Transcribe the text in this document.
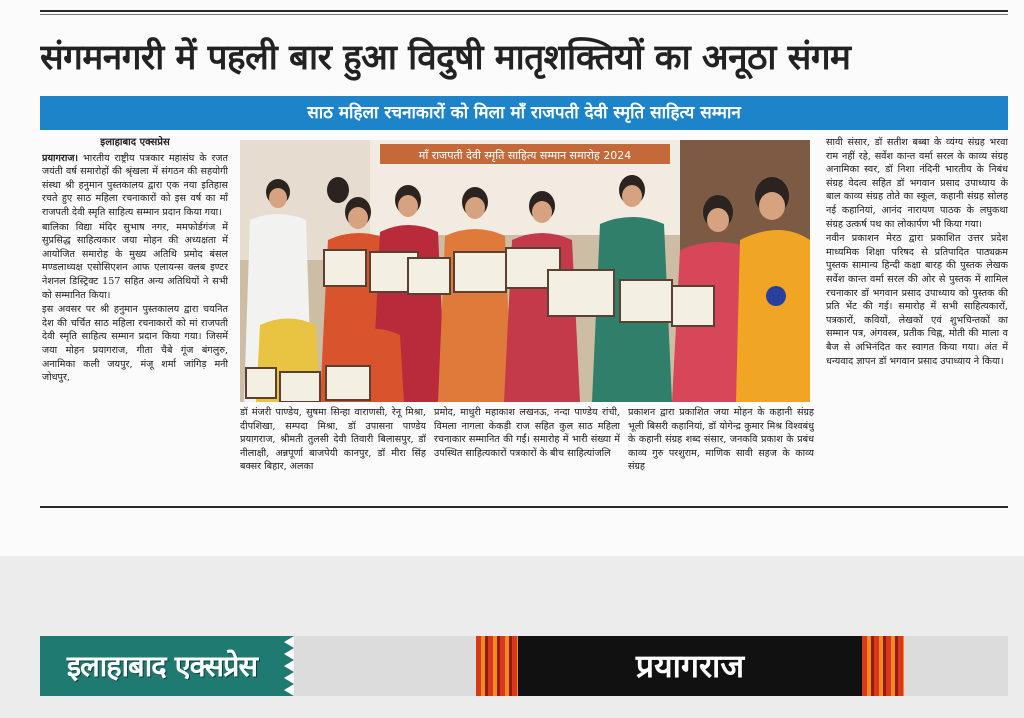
संगमनगरी में पहली बार हुआ विदुषी मातृशक्तियों का अनूठा संगम
साठ महिला रचनाकारों को मिला माँ राजपती देवी स्मृति साहित्य सम्मान
इलाहाबाद एक्सप्रेस

प्रयागराज। भारतीय राष्ट्रीय पत्रकार महासंघ के रजत जयंती वर्ष समारोहों की श्रृंखला में संगठन की सहयोगी संस्था श्री हनुमान पुस्तकालय द्वारा एक नया इतिहास रचते हुए साठ महिला रचनाकारों को इस वर्ष का माँ राजपती देवी स्मृति साहित्य सम्मान प्रदान किया गया।

बालिका विद्या मंदिर सुभाष नगर, ममफोर्डगंज में सुप्रसिद्ध साहित्यकार जया मोहन की अध्यक्षता में आयोजित समारोह के मुख्य अतिथि प्रमोद बंसल मण्डलाध्यक्ष एसोसिएशन आफ एलायन्स क्लब इण्टर नेशनल डिस्ट्रिक्ट 157 सहित अन्य अतिथियों ने सभी को सम्मानित किया।

इस अवसर पर श्री हनुमान पुस्तकालय द्वारा चयनित देश की चर्चित साठ महिला रचनाकारों को मां राजपती देवी स्मृति साहित्य सम्मान प्रदान किया गया। जिसमें जया मोहन प्रयागराज, गीता चैबे गूंज बंगलुरु, अनामिका कली जयपुर, मंजू शर्मा जांगिड़ मनी जोधपुर,

माँ राजपती देवी स्मृति साहित्य सम्मान समारोह 2024
डॉ मंजरी पाण्डेय, सुषमा सिन्हा वाराणसी, रेनू मिश्रा, दीपशिखा, सम्पदा मिश्रा, डॉ उपासना पाण्डेय प्रयागराज, श्रीमती तुलसी देवी तिवारी बिलासपुर, डॉ नीलाक्षी, अन्नपूर्णा बाजपेयी कानपुर, डॉ मीरा सिंह बक्सर बिहार, अलका
प्रमोद, माधुरी महाकाश लखनऊ, नन्दा पाण्डेय रांची, विमला नागला केकड़ी राज सहित कुल साठ महिला रचनाकार सम्मानित की गईं। समारोह में भारी संख्या में उपस्थित साहित्यकारों पत्रकारों के बीच साहित्यांजलि
प्रकाशन द्वारा प्रकाशित जया मोहन के कहानी संग्रह भूली बिसरी कहानियां, डॉ योगेन्द्र कुमार मिश्र विश्वबंधु के कहानी संग्रह शब्द संसार, जनकवि प्रकाश के प्रबंध काव्य गुरु परशुराम, माणिक सावी सहज के काव्य संग्रह

सावी संसार, डॉ सतीश बब्बा के व्यंग्य संग्रह भरवा राम नहीं रहे, सर्वेश कान्त वर्मा सरल के काव्य संग्रह अनामिका स्वर, डॉ निशा नंदिनी भारतीय के निबंध संग्रह वेदत्व सहित डॉ भगवान प्रसाद उपाध्याय के बाल काव्य संग्रह तोते का स्कूल, कहानी संग्रह सोलह नई कहानियां, आनंद नारायण पाठक के लघुकथा संग्रह उत्कर्ष पथ का लोकार्पण भी किया गया।

नवीन प्रकाशन मेरठ द्वारा प्रकाशित उत्तर प्रदेश माध्यमिक शिक्षा परिषद से प्रतिपादित पाठ्यक्रम पुस्तक सामान्य हिन्दी कक्षा बारह की पुस्तक लेखक सर्वेश कान्त वर्मा सरल की ओर से पुस्तक में शामिल रचनाकार डॉ भगवान प्रसाद उपाध्याय को पुस्तक की प्रति भेंट की गई। समारोह में सभी साहित्यकारों, पत्रकारों, कवियों, लेखकों एवं शुभचिन्तकों का सम्मान पत्र, अंगवस्त्र, प्रतीक चिह्न, मोती की माला व बैज से अभिनंदित कर स्वागत किया गया। अंत में धन्यवाद ज्ञापन डॉ भगवान प्रसाद उपाध्याय ने किया।

इलाहाबाद एक्सप्रेस	प्रयागराज
